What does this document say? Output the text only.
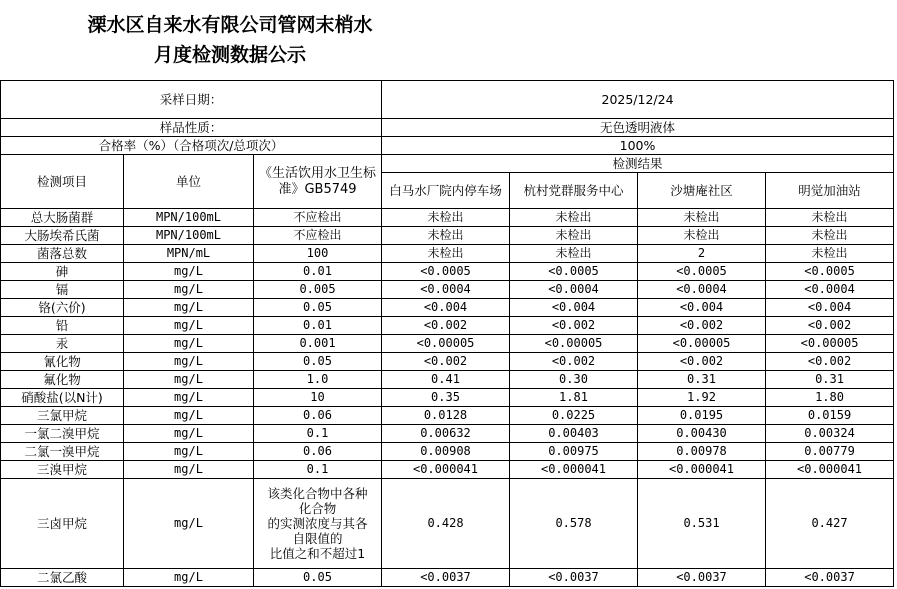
溧水区自来水有限公司管网末梢水
月度检测数据公示
采样日期：			2025/12/24			
样品性质：			无色透明液体			
合格率（%）（合格项次/总项次）			100%			
检测项目	单位	《生活饮用水卫生标准》GB5749	检测结果			
			白马水厂院内停车场	杭村党群服务中心	沙塘庵社区	明觉加油站
总大肠菌群	MPN/100mL	不应检出	未检出	未检出	未检出	未检出
大肠埃希氏菌	MPN/100mL	不应检出	未检出	未检出	未检出	未检出
菌落总数	MPN/mL	100	未检出	未检出	2	未检出
砷	mg/L	0.01	<0.0005	<0.0005	<0.0005	<0.0005
镉	mg/L	0.005	<0.0004	<0.0004	<0.0004	<0.0004
铬(六价)	mg/L	0.05	<0.004	<0.004	<0.004	<0.004
铅	mg/L	0.01	<0.002	<0.002	<0.002	<0.002
汞	mg/L	0.001	<0.00005	<0.00005	<0.00005	<0.00005
氰化物	mg/L	0.05	<0.002	<0.002	<0.002	<0.002
氟化物	mg/L	1.0	0.41	0.30	0.31	0.31
硝酸盐(以N计)	mg/L	10	0.35	1.81	1.92	1.80
三氯甲烷	mg/L	0.06	0.0128	0.0225	0.0195	0.0159
一氯二溴甲烷	mg/L	0.1	0.00632	0.00403	0.00430	0.00324
二氯一溴甲烷	mg/L	0.06	0.00908	0.00975	0.00978	0.00779
三溴甲烷	mg/L	0.1	<0.000041	<0.000041	<0.000041	<0.000041
三卤甲烷	mg/L	该类化合物中各种
化合物
的实测浓度与其各
自限值的
比值之和不超过1	0.428	0.578	0.531	0.427
二氯乙酸	mg/L	0.05	<0.0037	<0.0037	<0.0037	<0.0037
